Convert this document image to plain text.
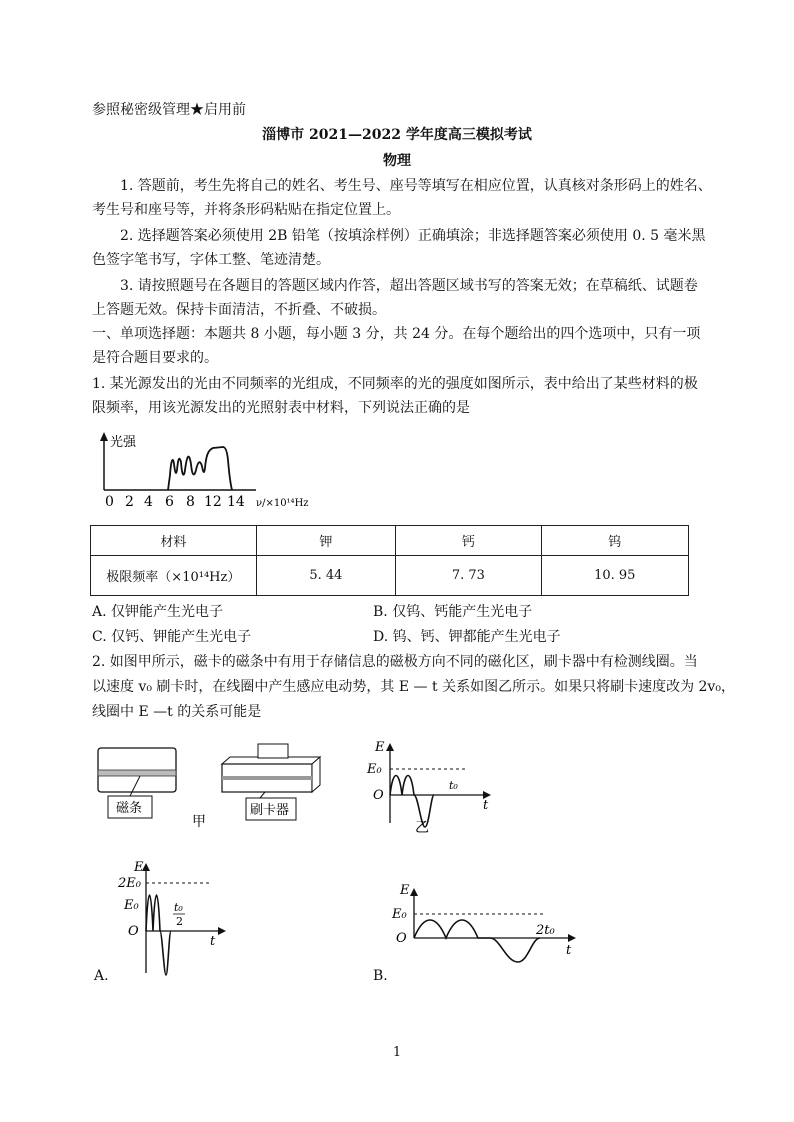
参照秘密级管理★启用前
淄博市 2021—2022 学年度高三模拟考试
物理
1. 答题前，考生先将自己的姓名、考生号、座号等填写在相应位置，认真核对条形码上的姓名、
考生号和座号等，并将条形码粘贴在指定位置上。
2. 选择题答案必须使用 2B 铅笔（按填涂样例）正确填涂；非选择题答案必须使用 0. 5 毫米黑
色签字笔书写，字体工整、笔迹清楚。
3. 请按照题号在各题目的答题区域内作答，超出答题区域书写的答案无效；在草稿纸、试题卷
上答题无效。保持卡面清洁，不折叠、不破损。
一、单项选择题：本题共 8 小题，每小题 3 分，共 24 分。在每个题给出的四个选项中，只有一项
是符合题目要求的。
1. 某光源发出的光由不同频率的光组成，不同频率的光的强度如图所示，表中给出了某些材料的极
限频率，用该光源发出的光照射表中材料，下列说法正确的是
光强
0 2 4 6 8 12 14 ν/×10¹⁴Hz
材料	钾	钙	钨
极限频率（×10¹⁴Hz）	5. 44	7. 73	10. 95
A. 仅钾能产生光电子	B. 仅钨、钙能产生光电子
C. 仅钙、钾能产生光电子	D. 钨、钙、钾都能产生光电子
2. 如图甲所示，磁卡的磁条中有用于存储信息的磁极方向不同的磁化区，刷卡器中有检测线圈。当
以速度 v₀ 刷卡时，在线圈中产生感应电动势，其 E — t 关系如图乙所示。如果只将刷卡速度改为 2v₀，
线圈中 E —t 的关系可能是
磁条	刷卡器
甲
E
E₀
O
t₀
t
乙
E
2E₀
E₀
O
t₀
2
t
A.
E
E₀
O
2t₀
t
B.
1
